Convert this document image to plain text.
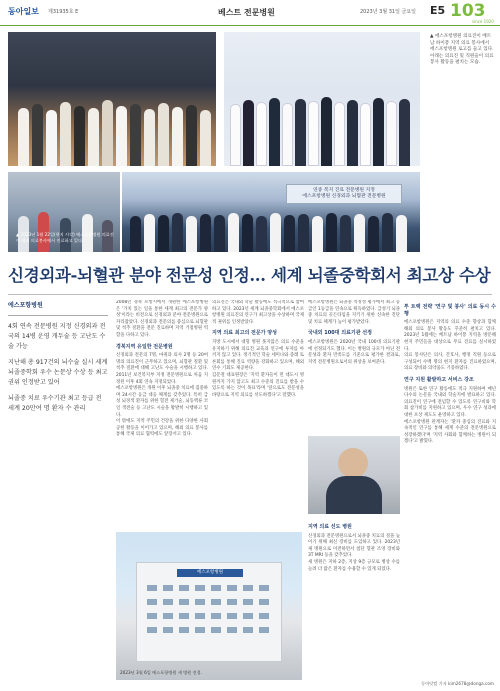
동아일보 제31935호 E	베스트 전문병원	2023년 3월 31일 금요일 E5 103
since 1920
▲ 에스포항병원 의료진이 베트남 하이퐁 지역 의료 봉사에서 에스포항병원 로고를 들고 있다. 아래는 의료진 및 직원들이 의료 봉사 활동을 펼치는 모습.
▲ 2023년 1월 22일(현지 시각) 에스포항병원 의료진이 해외 의료봉사에서 진료하고 있다.
연중 복지 진료 전문병원 지정
에스포항병원 신경외과 뇌혈관 전문병원
신경외과-뇌혈관 분야 전문성 인정… 세계 뇌졸중학회서 최고상 수상
에스포항병원

4회 연속 전문병원 지정 신경외과 전국의 14병 운영 개두술 등 고난도 수술 가능

지난해 총 917건의 뇌수술 실시 세계 뇌졸중학회 우수 논문상 수상 등 최고 권위 인정받고 있어

뇌졸중 치료 우수기관 최고 등급 전 세계 20만여 명 환자 수 관리

2008년 경북 포항시에서 개원한 에스포항병원은 '가치 있는 일을 통한 세계 최고의 전문가 양성'이라는 비전으로 신경외과 분야 전문병원으로 자리잡았다. 신경외과 전문의를 중심으로 뇌혈관 및 척추 질환을 전문 진료하며 지역 거점병원 역할을 다하고 있다.

경북지역 유일한 전문병원

신경외과 전문의 7명, 마취과 의사 2명 등 20여 명의 의료진이 근무하고 있으며, 뇌혈관 질환 및 척추 질환에 대해 고난도 수술을 시행하고 있다. 2011년 보건복지부 지정 전문병원으로 처음 지정된 이후 4회 연속 지정되었다.

에스포항병원은 개원 이후 뇌졸중 치료에 집중하며 24시간 응급 대응 체계를 갖추었다. 특히 급성 뇌경색 환자를 위한 혈전 제거술, 뇌동맥류 코일 색전술 등 고난도 시술을 활발히 시행하고 있다.

이 밖에도 지역 주민의 건강을 위한 다양한 사회 공헌 활동을 이어가고 있으며, 해외 의료 봉사를 통해 국제 의료 협력에도 앞장서고 있다.

의료진은 국내외 학술 활동에도 적극적으로 참여하고 있다. 2023년 세계 뇌졸중학회에서 에스포항병원 의료진의 연구가 최고상을 수상하며 국제적 권위를 인정받았다.

지역 의료 최고의 전문가 양성

지방 도시에서 대형 병원 못지않은 의료 수준을 유지하기 위해 의료진 교육과 연구에 투자를 아끼지 않고 있다. 정기적인 학술 세미나와 증례 토론회를 통해 진료 역량을 강화하고 있으며, 해외 연수 기회도 제공한다.

김문철 대표원장은 '지역 환자들이 먼 대도시 병원까지 가지 않고도 최고 수준의 진료를 받을 수 있도록 하는 것이 목표'라며 '앞으로도 전문성을 바탕으로 지역 의료를 선도하겠다'고 말했다.

에스포항병원은 뇌졸중 적정성 평가에서 최고 등급인 1등급을 연속으로 획득하였다. 급성기 뇌졸중 치료의 골든타임을 지키기 위한 신속한 진단 및 치료 체계가 높이 평가받았다.

국내외 100대 의료기관 선정

에스포항병원은 2020년 국내 100대 의료기관에 선정되기도 했다. 이는 병원의 규모가 아닌 전문성과 환자 만족도를 기준으로 평가한 결과로, 지역 전문병원으로서의 위상을 보여준다.

지역 의료 선도 병원

신경외과 전문병원으로서 뇌졸중 치료의 질을 높이기 위해 최신 장비를 도입하고 있다. 2023년 새 병원으로 이전하면서 첨단 혈관 조영 장비와 3T MRI 등을 갖추었다.

새 병원은 지하 2층, 지상 9층 규모로 병상 수를 늘려 더 많은 환자를 수용할 수 있게 되었다.

투 트랙 전략 '연구 및 봉사' 의료 동시 수행

에스포항병원은 지역의 의료 수준 향상과 함께 해외 의료 봉사 활동도 꾸준히 펼치고 있다. 2023년 1월에는 베트남 하이퐁 지역을 방문해 현지 주민들을 대상으로 무료 진료를 실시하였다.

의료 봉사단은 의사, 간호사, 행정 직원 등으로 구성되어 수백 명의 현지 환자를 진료하였으며, 의료 장비와 의약품도 기증하였다.

연구 지원 활발하고 서비스 강조

병원은 또한 연구 활동에도 적극 지원하여 매년 다수의 논문을 국내외 학술지에 발표하고 있다. 의료진이 연구에 전념할 수 있도록 연구비와 학회 참가비를 지원하고 있으며, 우수 연구 성과에 대한 포상 제도도 운영하고 있다.

에스포항병원 관계자는 '환자 중심의 진료와 지속적인 연구를 통해 세계 수준의 전문병원으로 성장하겠다'며 '지역 사회와 함께하는 병원이 되겠다'고 밝혔다.

에스포항병원
2023년 3월 6일 에스포항병원 새 병원 전경.
동아닷컴 기자 kim2678@donga.com
